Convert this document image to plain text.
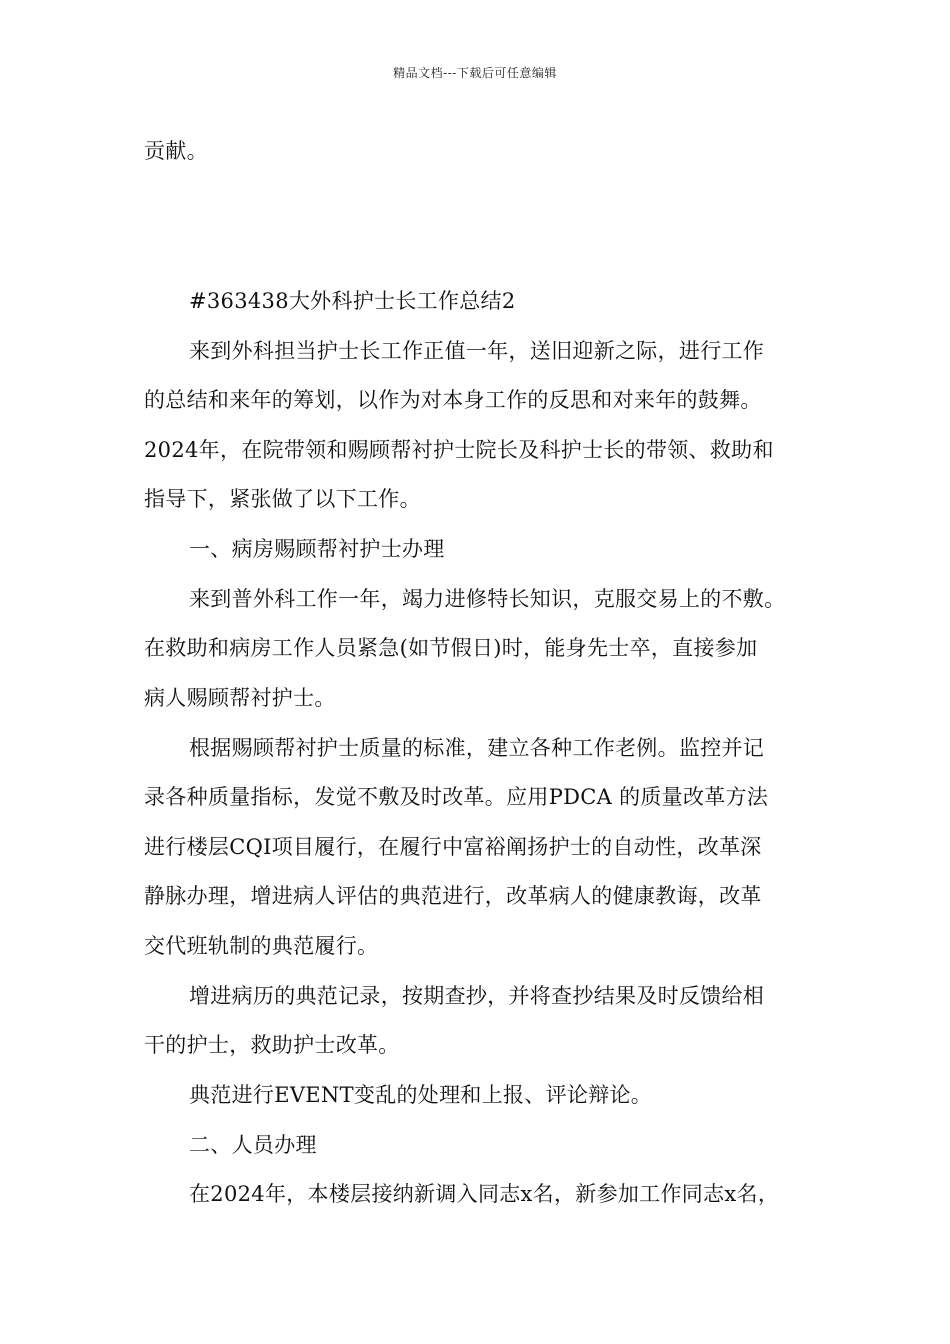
精品文档---下载后可任意编辑
贡献。
#363438大外科护士长工作总结2
来到外科担当护士长工作正值一年，送旧迎新之际，进行工作
的总结和来年的筹划，以作为对本身工作的反思和对来年的鼓舞。
2024年，在院带领和赐顾帮衬护士院长及科护士长的带领、救助和
指导下，紧张做了以下工作。
一、病房赐顾帮衬护士办理
来到普外科工作一年，竭力进修特长知识，克服交易上的不敷。
在救助和病房工作人员紧急(如节假日)时，能身先士卒，直接参加
病人赐顾帮衬护士。
根据赐顾帮衬护士质量的标准，建立各种工作老例。监控并记
录各种质量指标，发觉不敷及时改革。应用PDCA 的质量改革方法
进行楼层CQI项目履行，在履行中富裕阐扬护士的自动性，改革深
静脉办理，增进病人评估的典范进行，改革病人的健康教诲，改革
交代班轨制的典范履行。
增进病历的典范记录，按期查抄，并将查抄结果及时反馈给相
干的护士，救助护士改革。
典范进行EVENT变乱的处理和上报、评论辩论。
二、人员办理
在2024年，本楼层接纳新调入同志x名，新参加工作同志x名，
